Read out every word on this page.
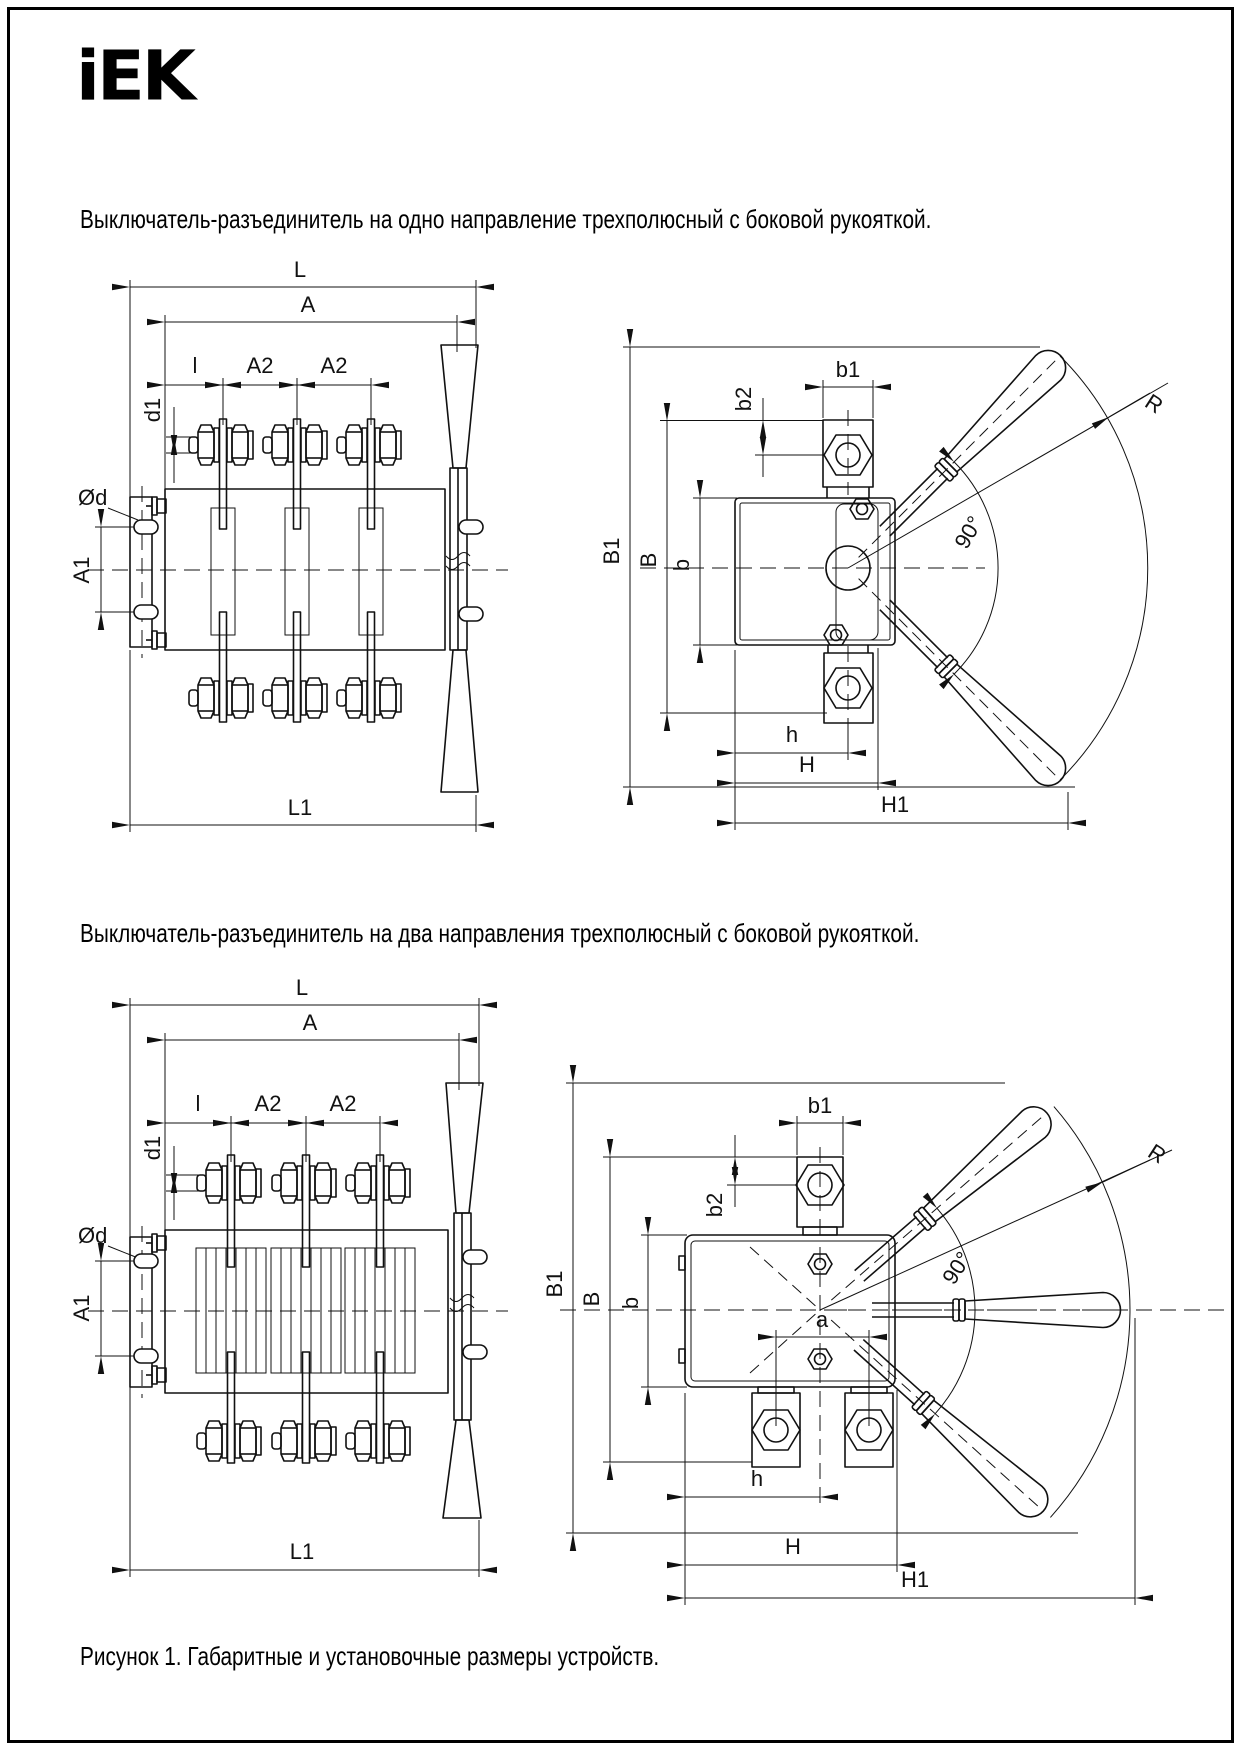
iEK
Выключатель-разъединитель на одно направление трехполюсный с боковой рукояткой.
Выключатель-разъединитель на два направления трехполюсный с боковой рукояткой.
Рисунок 1. Габаритные и установочные размеры устройств.
L
A
l A2 A2
d1
Ød
A1
L1
90°
R
b1
b2
B b
B1
h
H
H1
L
A
l A2 A2
d1
Ød
A1
L1
90°
R
b1
b2
B b
B1
a
h
H
H1
